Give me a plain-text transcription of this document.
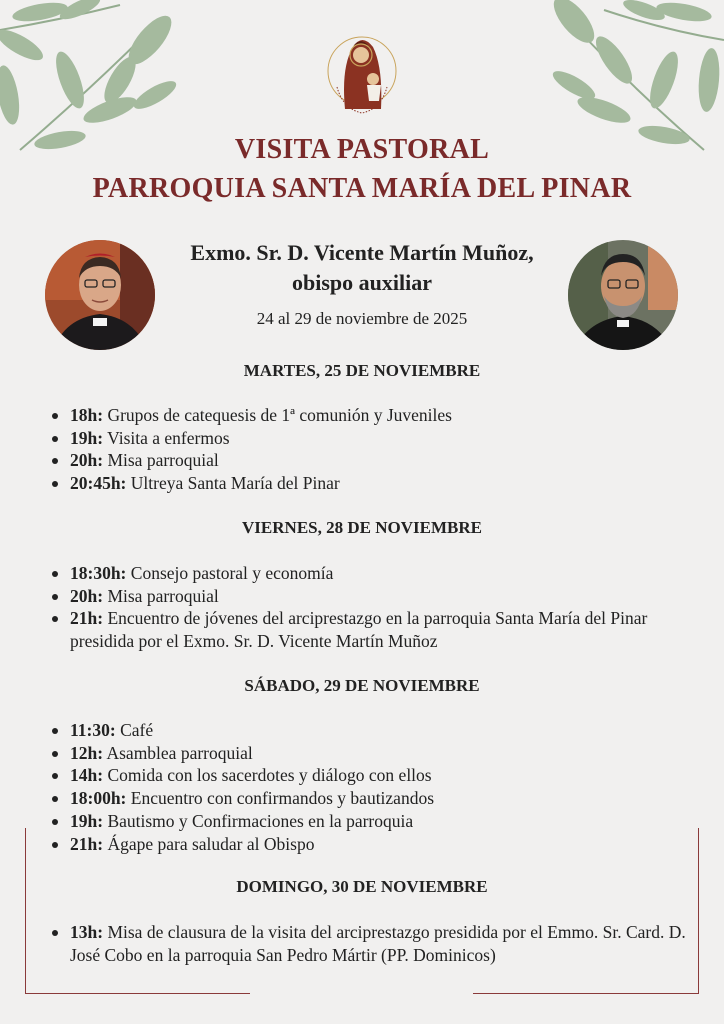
VISITA PASTORAL
PARROQUIA SANTA MARÍA DEL PINAR
Exmo. Sr. D. Vicente Martín Muñoz,
obispo auxiliar
24 al 29 de noviembre de 2025
MARTES, 25 DE NOVIEMBRE
18h: Grupos de catequesis de 1ª comunión y Juveniles
19h: Visita a enfermos
20h: Misa parroquial
20:45h: Ultreya Santa María del Pinar
VIERNES, 28 DE NOVIEMBRE
18:30h: Consejo pastoral y economía
20h: Misa parroquial
21h: Encuentro de jóvenes del arciprestazgo en la parroquia Santa María del Pinar presidida por el Exmo. Sr. D. Vicente Martín Muñoz
SÁBADO, 29 DE NOVIEMBRE
11:30: Café
12h: Asamblea parroquial
14h: Comida con los sacerdotes y diálogo con ellos
18:00h: Encuentro con confirmandos y bautizandos
19h: Bautismo y Confirmaciones en la parroquia
21h: Ágape para saludar al Obispo
DOMINGO, 30 DE NOVIEMBRE
13h: Misa de clausura de la visita del arciprestazgo presidida por el Emmo. Sr. Card. D. José Cobo en la parroquia San Pedro Mártir (PP. Dominicos)
